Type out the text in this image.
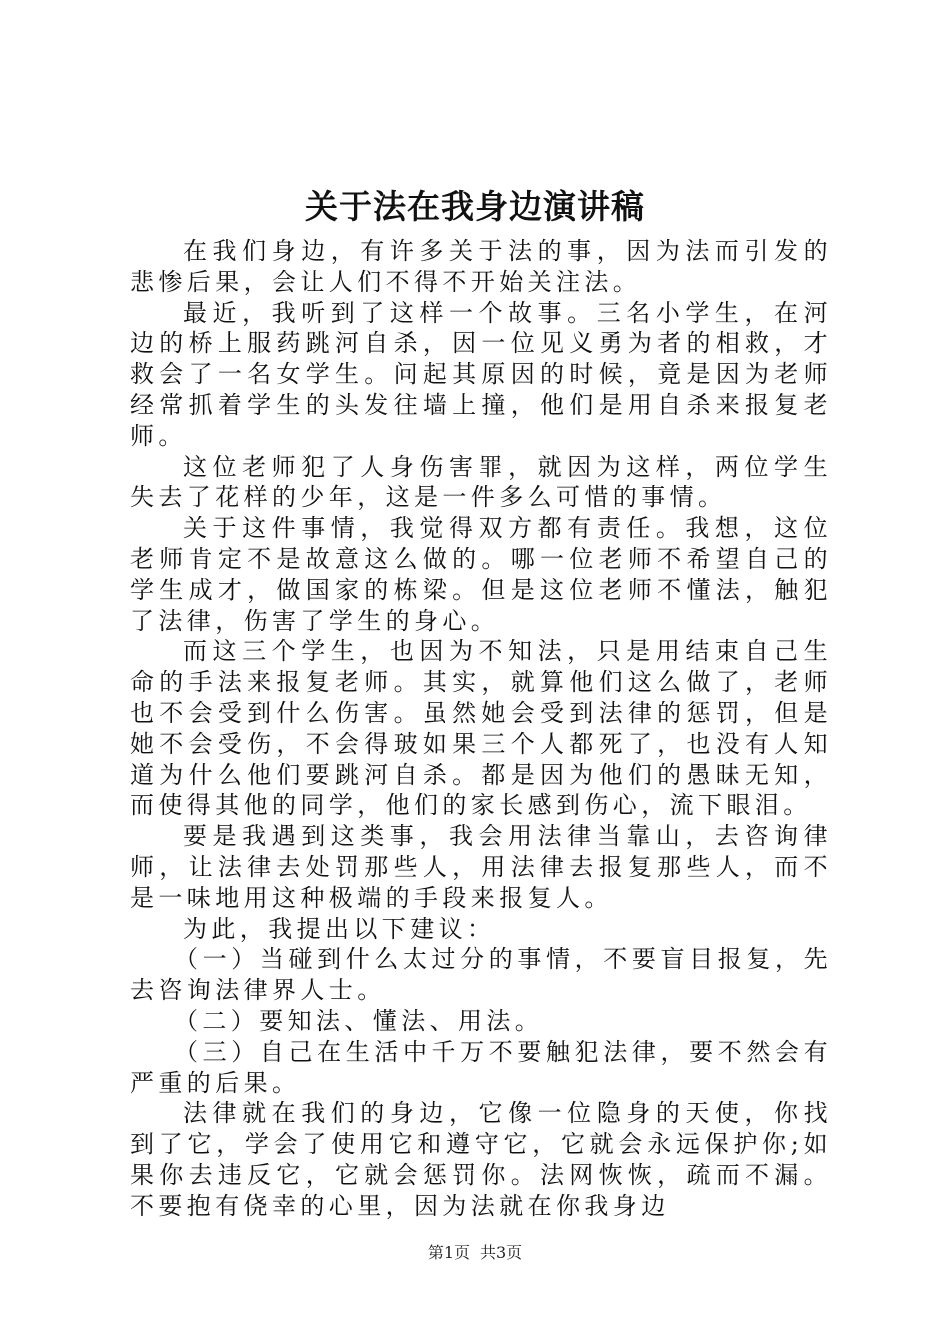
关于法在我身边演讲稿

在我们身边，有许多关于法的事，因为法而引发的悲惨后果，会让人们不得不开始关注法。

最近，我听到了这样一个故事。三名小学生，在河边的桥上服药跳河自杀，因一位见义勇为者的相救，才救会了一名女学生。问起其原因的时候，竟是因为老师经常抓着学生的头发往墙上撞，他们是用自杀来报复老师。

这位老师犯了人身伤害罪，就因为这样，两位学生失去了花样的少年，这是一件多么可惜的事情。

关于这件事情，我觉得双方都有责任。我想，这位老师肯定不是故意这么做的。哪一位老师不希望自己的学生成才，做国家的栋梁。但是这位老师不懂法，触犯了法律，伤害了学生的身心。

而这三个学生，也因为不知法，只是用结束自己生命的手法来报复老师。其实，就算他们这么做了，老师也不会受到什么伤害。虽然她会受到法律的惩罚，但是她不会受伤，不会得玻如果三个人都死了，也没有人知道为什么他们要跳河自杀。都是因为他们的愚昧无知，而使得其他的同学，他们的家长感到伤心，流下眼泪。

要是我遇到这类事，我会用法律当靠山，去咨询律师，让法律去处罚那些人，用法律去报复那些人，而不是一味地用这种极端的手段来报复人。

为此，我提出以下建议：

（一）当碰到什么太过分的事情，不要盲目报复，先去咨询法律界人士。

（二）要知法、懂法、用法。

（三）自己在生活中千万不要触犯法律，要不然会有严重的后果。

法律就在我们的身边，它像一位隐身的天使，你找到了它，学会了使用它和遵守它，它就会永远保护你;如果你去违反它，它就会惩罚你。法网恢恢，疏而不漏。不要抱有侥幸的心里，因为法就在你我身边

第1页 共3页
